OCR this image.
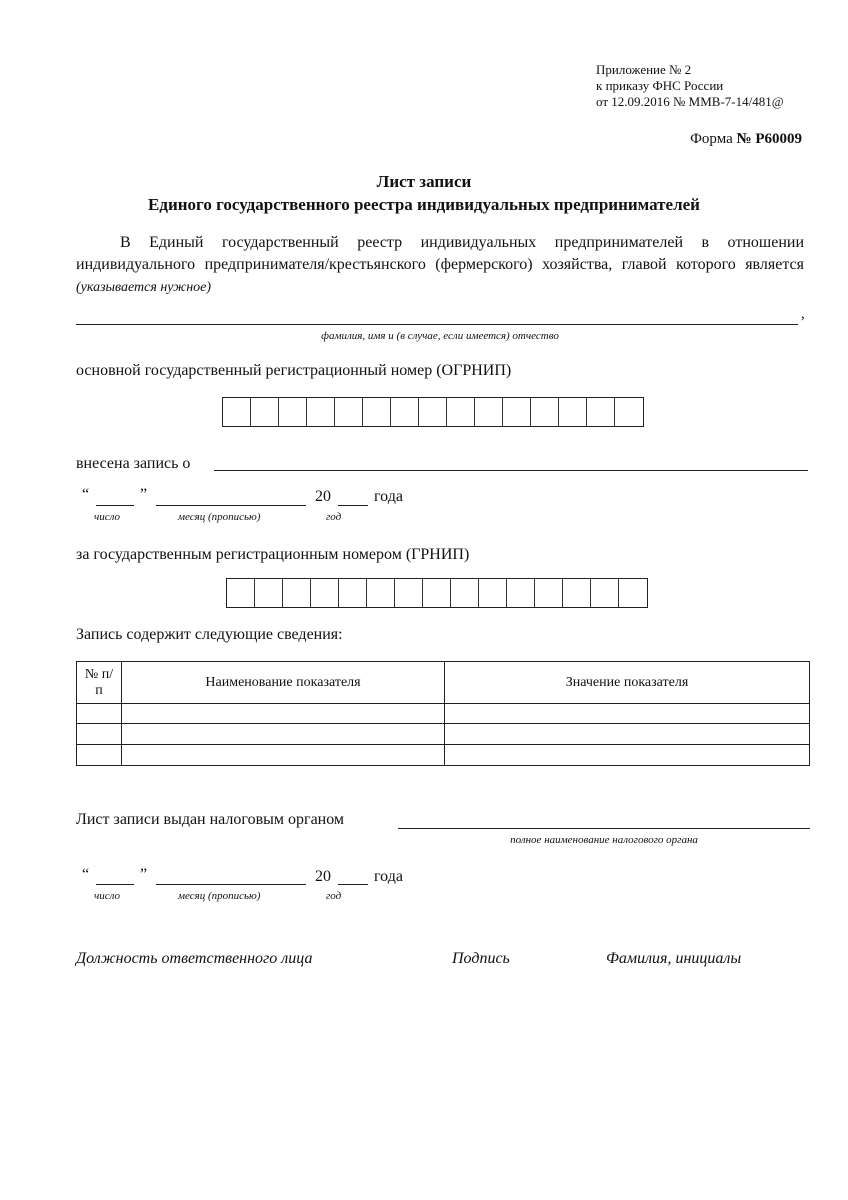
Приложение № 2
к приказу ФНС России
от 12.09.2016 № ММВ-7-14/481@
Форма № Р60009
Лист записи
Единого государственного реестра индивидуальных предпринимателей

В Единый государственный реестр индивидуальных предпринимателей в отношении индивидуального предпринимателя/крестьянского (фермерского) хозяйства, главой которого является (указывается нужное)

,
фамилия, имя и (в случае, если имеется) отчество
основной государственный регистрационный номер (ОГРНИП)
внесена запись о
“	”	20	года
число	месяц (прописью)	год
за государственным регистрационным номером (ГРНИП)
Запись содержит следующие сведения:
№ п/п	Наименование показателя	Значение показателя

Лист записи выдан налоговым органом
полное наименование налогового органа
“	”	20	года
число	месяц (прописью)	год
Должность ответственного лица	Подпись	Фамилия, инициалы
